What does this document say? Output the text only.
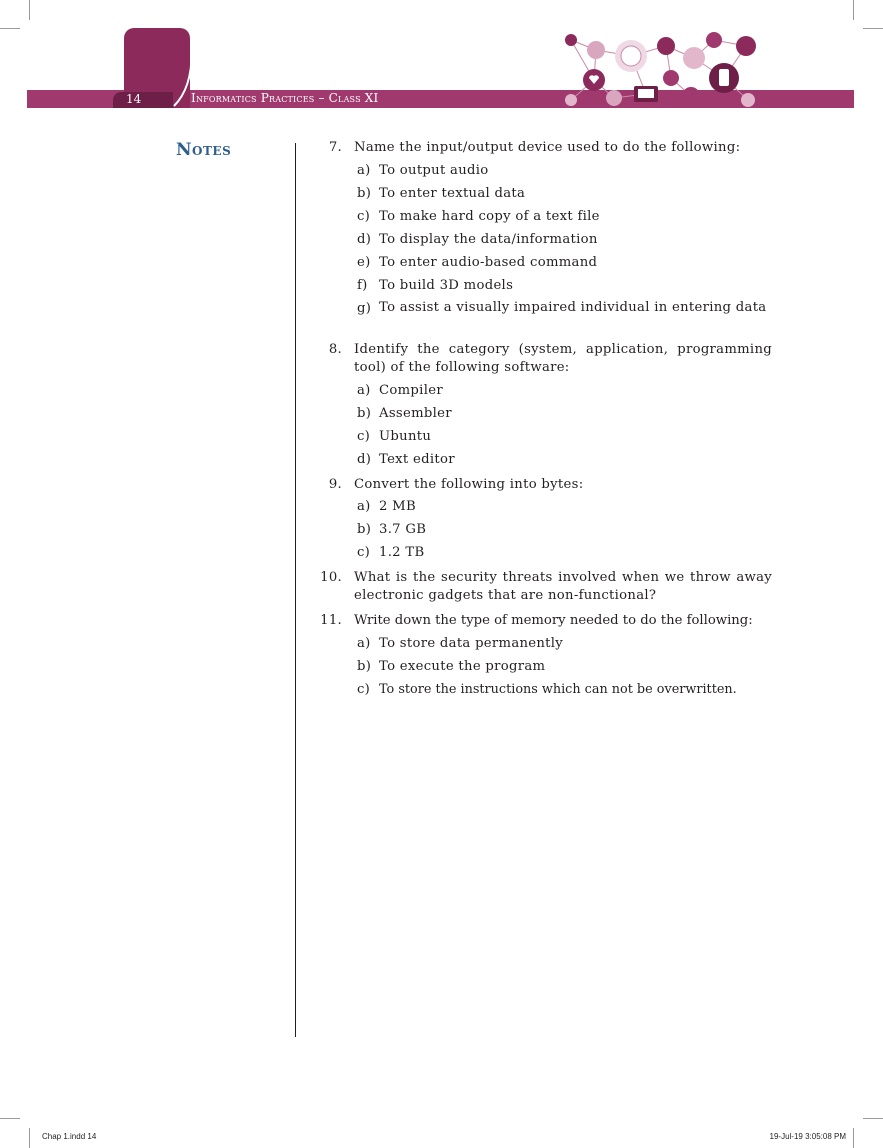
14	Informatics Practices – Class XI
Notes	7. Name the input/output device used to do the following:
a) To output audio
b) To enter textual data
c) To make hard copy of a text file
d) To display the data/information
e) To enter audio-based command
f) To build 3D models
g) To assist a visually impaired individual in entering data
8. Identify the category (system, application, programming tool) of the following software:
a) Compiler
b) Assembler
c) Ubuntu
d) Text editor
9. Convert the following into bytes:
a) 2 MB
b) 3.7 GB
c) 1.2 TB
10. What is the security threats involved when we throw away electronic gadgets that are non-functional?
11. Write down the type of memory needed to do the following:
a) To store data permanently
b) To execute the program
c) To store the instructions which can not be overwritten.
Chap 1.indd 14	19-Jul-19 3:05:08 PM
